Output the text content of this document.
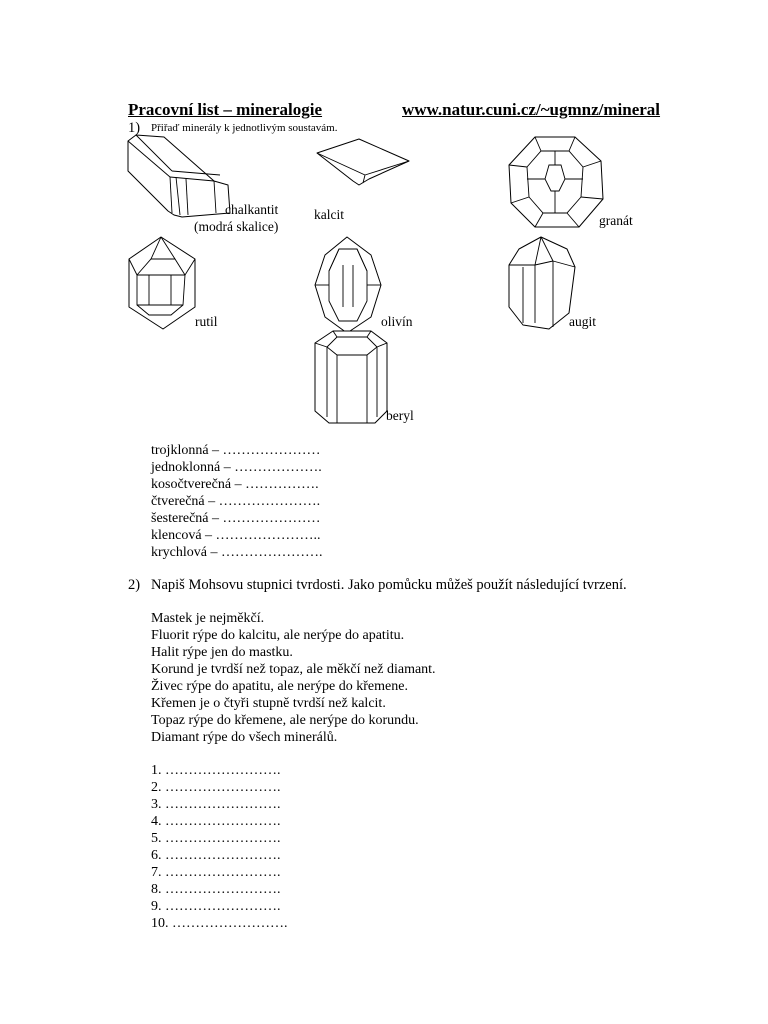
Pracovní list – mineralogie	www.natur.cuni.cz/~ugmnz/mineral
1) Přiřaď minerály k jednotlivým soustavám.
chalkantit
(modrá skalice)
kalcit	granát
rutil	olivín	augit
beryl
trojklonná – …………………
jednoklonná – ……………….
kosočtverečná – …………….
čtverečná – ………………….
šesterečná – …………………
klencová – …………………..
krychlová – ………………….
2) Napiš Mohsovu stupnici tvrdosti. Jako pomůcku můžeš použít následující tvrzení.
Mastek je nejměkčí.
Fluorit rýpe do kalcitu, ale nerýpe do apatitu.
Halit rýpe jen do mastku.
Korund je tvrdší než topaz, ale měkčí než diamant.
Živec rýpe do apatitu, ale nerýpe do křemene.
Křemen je o čtyři stupně tvrdší než kalcit.
Topaz rýpe do křemene, ale nerýpe do korundu.
Diamant rýpe do všech minerálů.
1. …………………….
2. …………………….
3. …………………….
4. …………………….
5. …………………….
6. …………………….
7. …………………….
8. …………………….
9. …………………….
10. …………………….
